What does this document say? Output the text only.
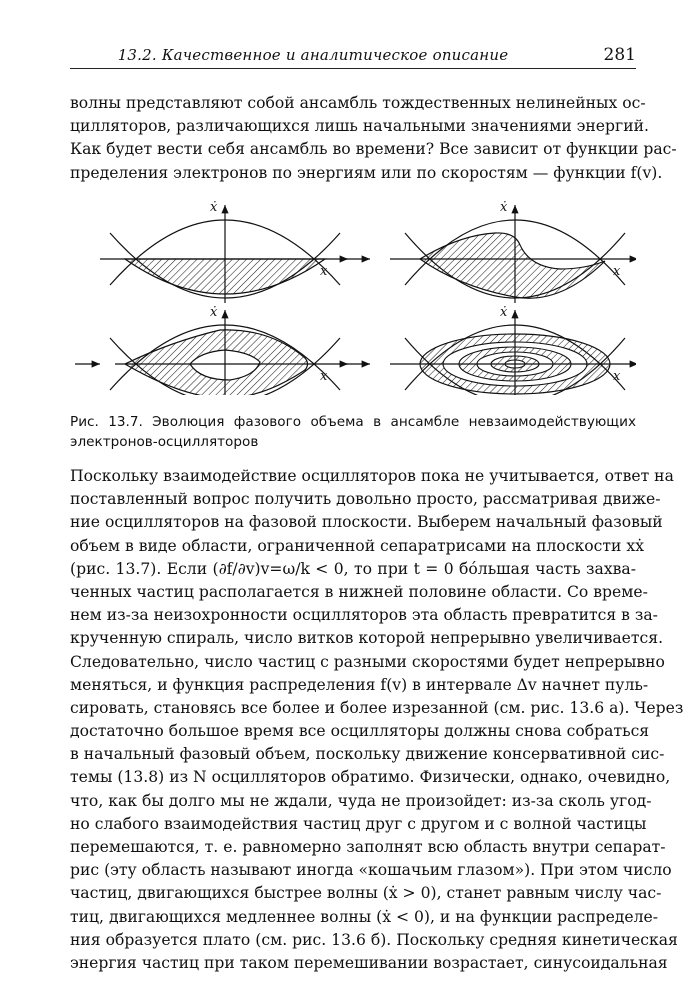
13.2. Качественное и аналитическое описание	281
волны представляют собой ансамбль тождественных нелинейных ос-
цилляторов, различающихся лишь начальными значениями энергий.
Как будет вести себя ансамбль во времени? Все зависит от функции рас-
пределения электронов по энергиям или по скоростям — функции f(v).
ẋ
x
ẋ
x
ẋ
x
ẋ
x
Рис. 13.7. Эволюция фазового объема в ансамбле невзаимодействующих
электронов-осцилляторов
Поскольку взаимодействие осцилляторов пока не учитывается, ответ на
поставленный вопрос получить довольно просто, рассматривая движе-
ние осцилляторов на фазовой плоскости. Выберем начальный фазовый
объем в виде области, ограниченной сепаратрисами на плоскости xẋ
(рис. 13.7). Если (∂f/∂v)v=ω/k < 0, то при t = 0 бóльшая часть захва-
ченных частиц располагается в нижней половине области. Со време-
нем из-за неизохронности осцилляторов эта область превратится в за-
крученную спираль, число витков которой непрерывно увеличивается.
Следовательно, число частиц с разными скоростями будет непрерывно
меняться, и функция распределения f(v) в интервале Δv начнет пуль-
сировать, становясь все более и более изрезанной (см. рис. 13.6 а). Через
достаточно большое время все осцилляторы должны снова собраться
в начальный фазовый объем, поскольку движение консервативной сис-
темы (13.8) из N осцилляторов обратимо. Физически, однако, очевидно,
что, как бы долго мы не ждали, чуда не произойдет: из-за сколь угод-
но слабого взаимодействия частиц друг с другом и с волной частицы
перемешаются, т. е. равномерно заполнят всю область внутри сепарат-
рис (эту область называют иногда «кошачьим глазом»). При этом число
частиц, двигающихся быстрее волны (ẋ > 0), станет равным числу час-
тиц, двигающихся медленнее волны (ẋ < 0), и на функции распределе-
ния образуется плато (см. рис. 13.6 б). Поскольку средняя кинетическая
энергия частиц при таком перемешивании возрастает, синусоидальная
